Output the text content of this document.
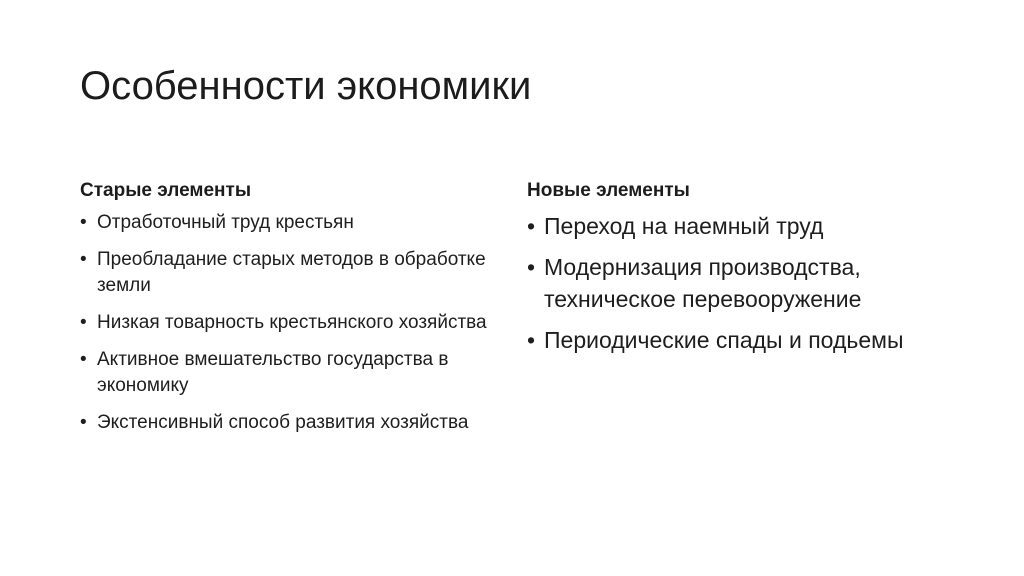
Особенности экономики
Старые элементы
• Отработочный труд крестьян
• Преобладание старых методов в обработке земли
• Низкая товарность крестьянского хозяйства
• Активное вмешательство государства в экономику
• Экстенсивный способ развития хозяйства
Новые элементы
• Переход на наемный труд
• Модернизация производства, техническое перевооружение
• Периодические спады и подьемы
